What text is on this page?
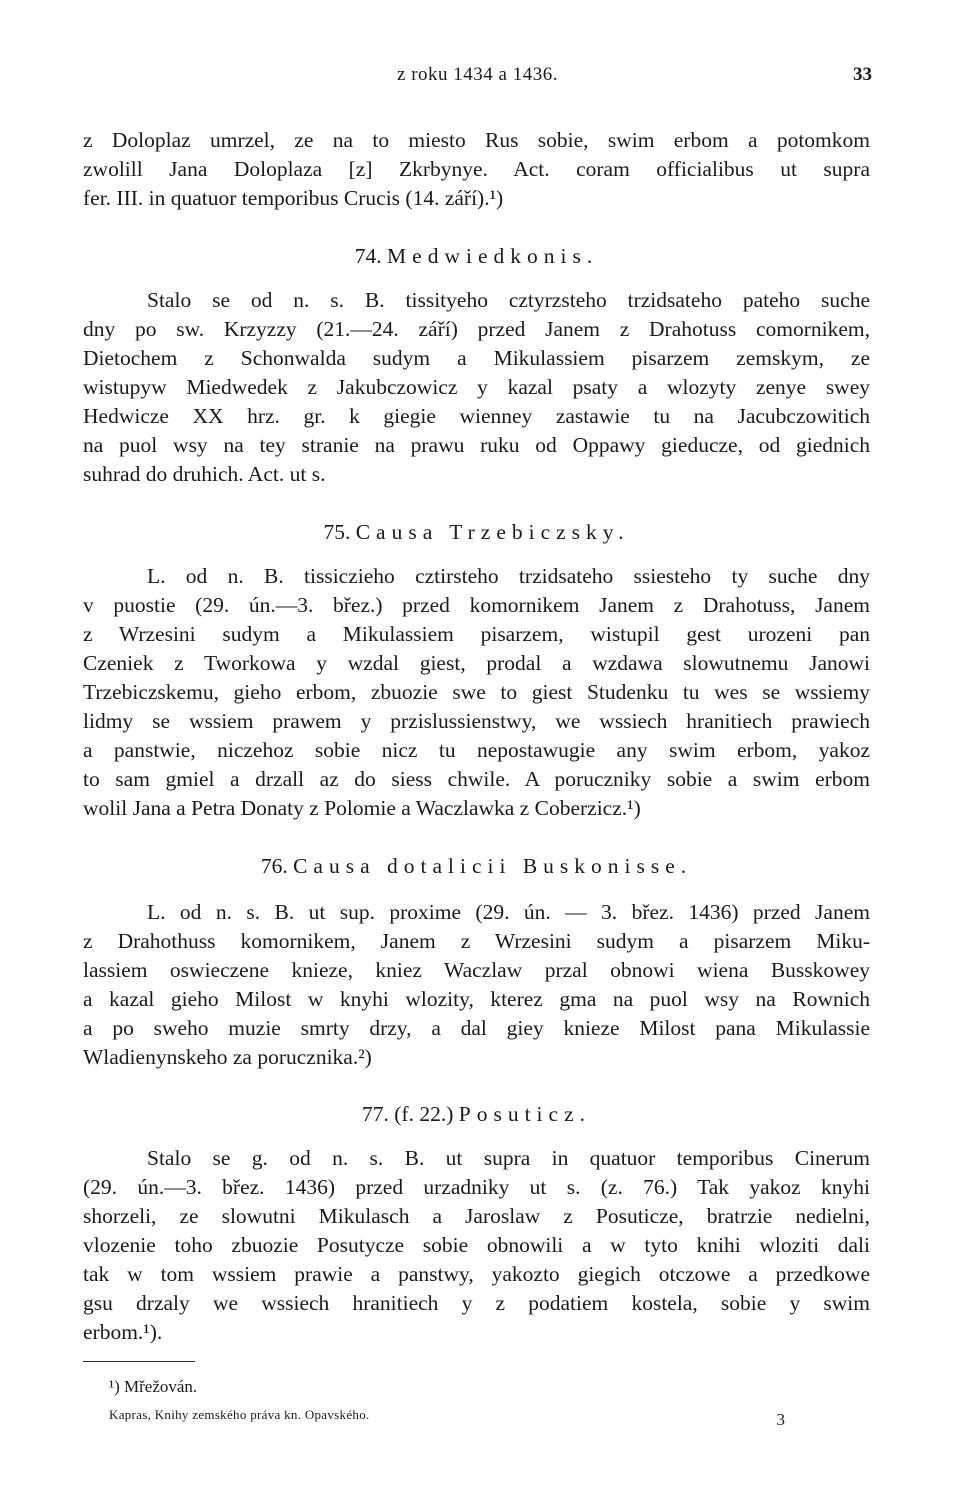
z roku 1434 a 1436.	33
z Doloplaz umrzel, ze na to miesto Rus sobie, swim erbom a potomkom
zwolill Jana Doloplaza [z] Zkrbynye. Act. coram officialibus ut supra
fer. III. in quatuor temporibus Crucis (14. září).¹)
74. Medwiedkonis.
Stalo se od n. s. B. tissityeho cztyrzsteho trzidsateho pateho suche
dny po sw. Krzyzzy (21.—24. září) przed Janem z Drahotuss comornikem,
Dietochem z Schonwalda sudym a Mikulassiem pisarzem zemskym, ze
wistupyw Miedwedek z Jakubczowicz y kazal psaty a wlozyty zenye swey
Hedwicze XX hrz. gr. k giegie wienney zastawie tu na Jacubczowitich
na puol wsy na tey stranie na prawu ruku od Oppawy gieducze, od giednich
suhrad do druhich. Act. ut s.
75. Causa Trzebiczsky.
L. od n. B. tissiczieho cztirsteho trzidsateho ssiesteho ty suche dny
v puostie (29. ún.—3. břez.) przed komornikem Janem z Drahotuss, Janem
z Wrzesini sudym a Mikulassiem pisarzem, wistupil gest urozeni pan
Czeniek z Tworkowa y wzdal giest, prodal a wzdawa slowutnemu Janowi
Trzebiczskemu, gieho erbom, zbuozie swe to giest Studenku tu wes se wssiemy
lidmy se wssiem prawem y przislussienstwy, we wssiech hranitiech prawiech
a panstwie, niczehoz sobie nicz tu nepostawugie any swim erbom, yakoz
to sam gmiel a drzall az do siess chwile. A poruczniky sobie a swim erbom
wolil Jana a Petra Donaty z Polomie a Waczlawka z Coberzicz.¹)
76. Causa dotalicii Buskonisse.
L. od n. s. B. ut sup. proxime (29. ún. — 3. břez. 1436) przed Janem
z Drahothuss komornikem, Janem z Wrzesini sudym a pisarzem Miku-
lassiem oswieczene knieze, kniez Waczlaw przal obnowi wiena Busskowey
a kazal gieho Milost w knyhi wlozity, kterez gma na puol wsy na Rownich
a po sweho muzie smrty drzy, a dal giey knieze Milost pana Mikulassie
Wladienynskeho za porucznika.²)
77. (f. 22.) Posuticz.
Stalo se g. od n. s. B. ut supra in quatuor temporibus Cinerum
(29. ún.—3. břez. 1436) przed urzadniky ut s. (z. 76.) Tak yakoz knyhi
shorzeli, ze slowutni Mikulasch a Jaroslaw z Posuticze, bratrzie nedielni,
vlozenie toho zbuozie Posutycze sobie obnowili a w tyto knihi wloziti dali
tak w tom wssiem prawie a panstwy, yakozto giegich otczowe a przedkowe
gsu drzaly we wssiech hranitiech y z podatiem kostela, sobie y swim
erbom.¹).
¹) Mřežován.
Kapras, Knihy zemského práva kn. Opavského.	3
